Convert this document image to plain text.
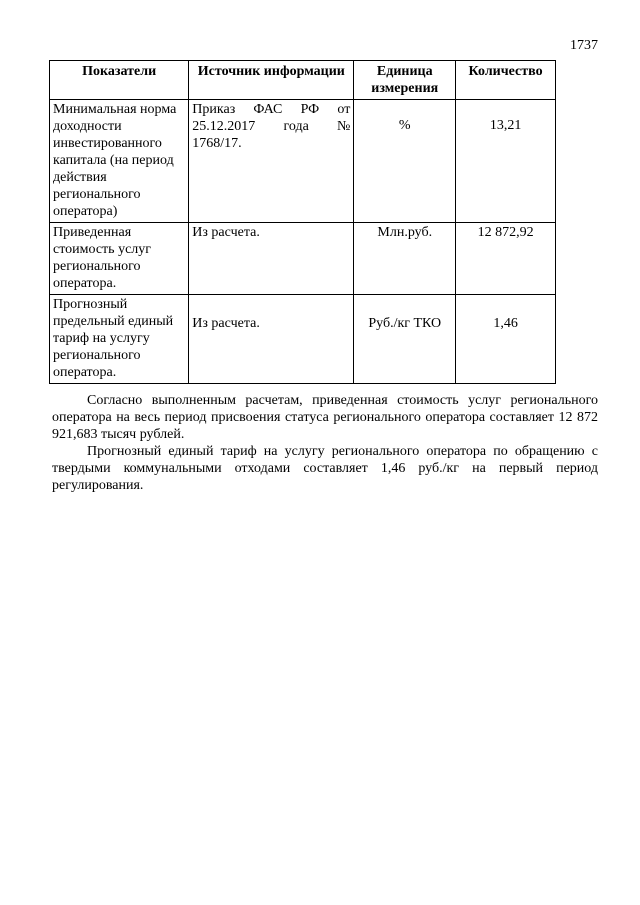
1737
Показатели	Источник информации	Единица измерения	Количество
Минимальная норма доходности инвестированного капитала (на период действия регионального оператора)	Приказ ФАС РФ от 25.12.2017 года № 1768/17.	%	13,21
Приведенная стоимость услуг регионального оператора.	Из расчета.	Млн.руб.	12 872,92
Прогнозный предельный единый тариф на услугу регионального оператора.	Из расчета.	Руб./кг ТКО	1,46

Согласно выполненным расчетам, приведенная стоимость услуг регионального оператора на весь период присвоения статуса регионального оператора составляет 12 872 921,683 тысяч рублей.

Прогнозный единый тариф на услугу регионального оператора по обращению с твердыми коммунальными отходами составляет 1,46 руб./кг на первый период регулирования.
